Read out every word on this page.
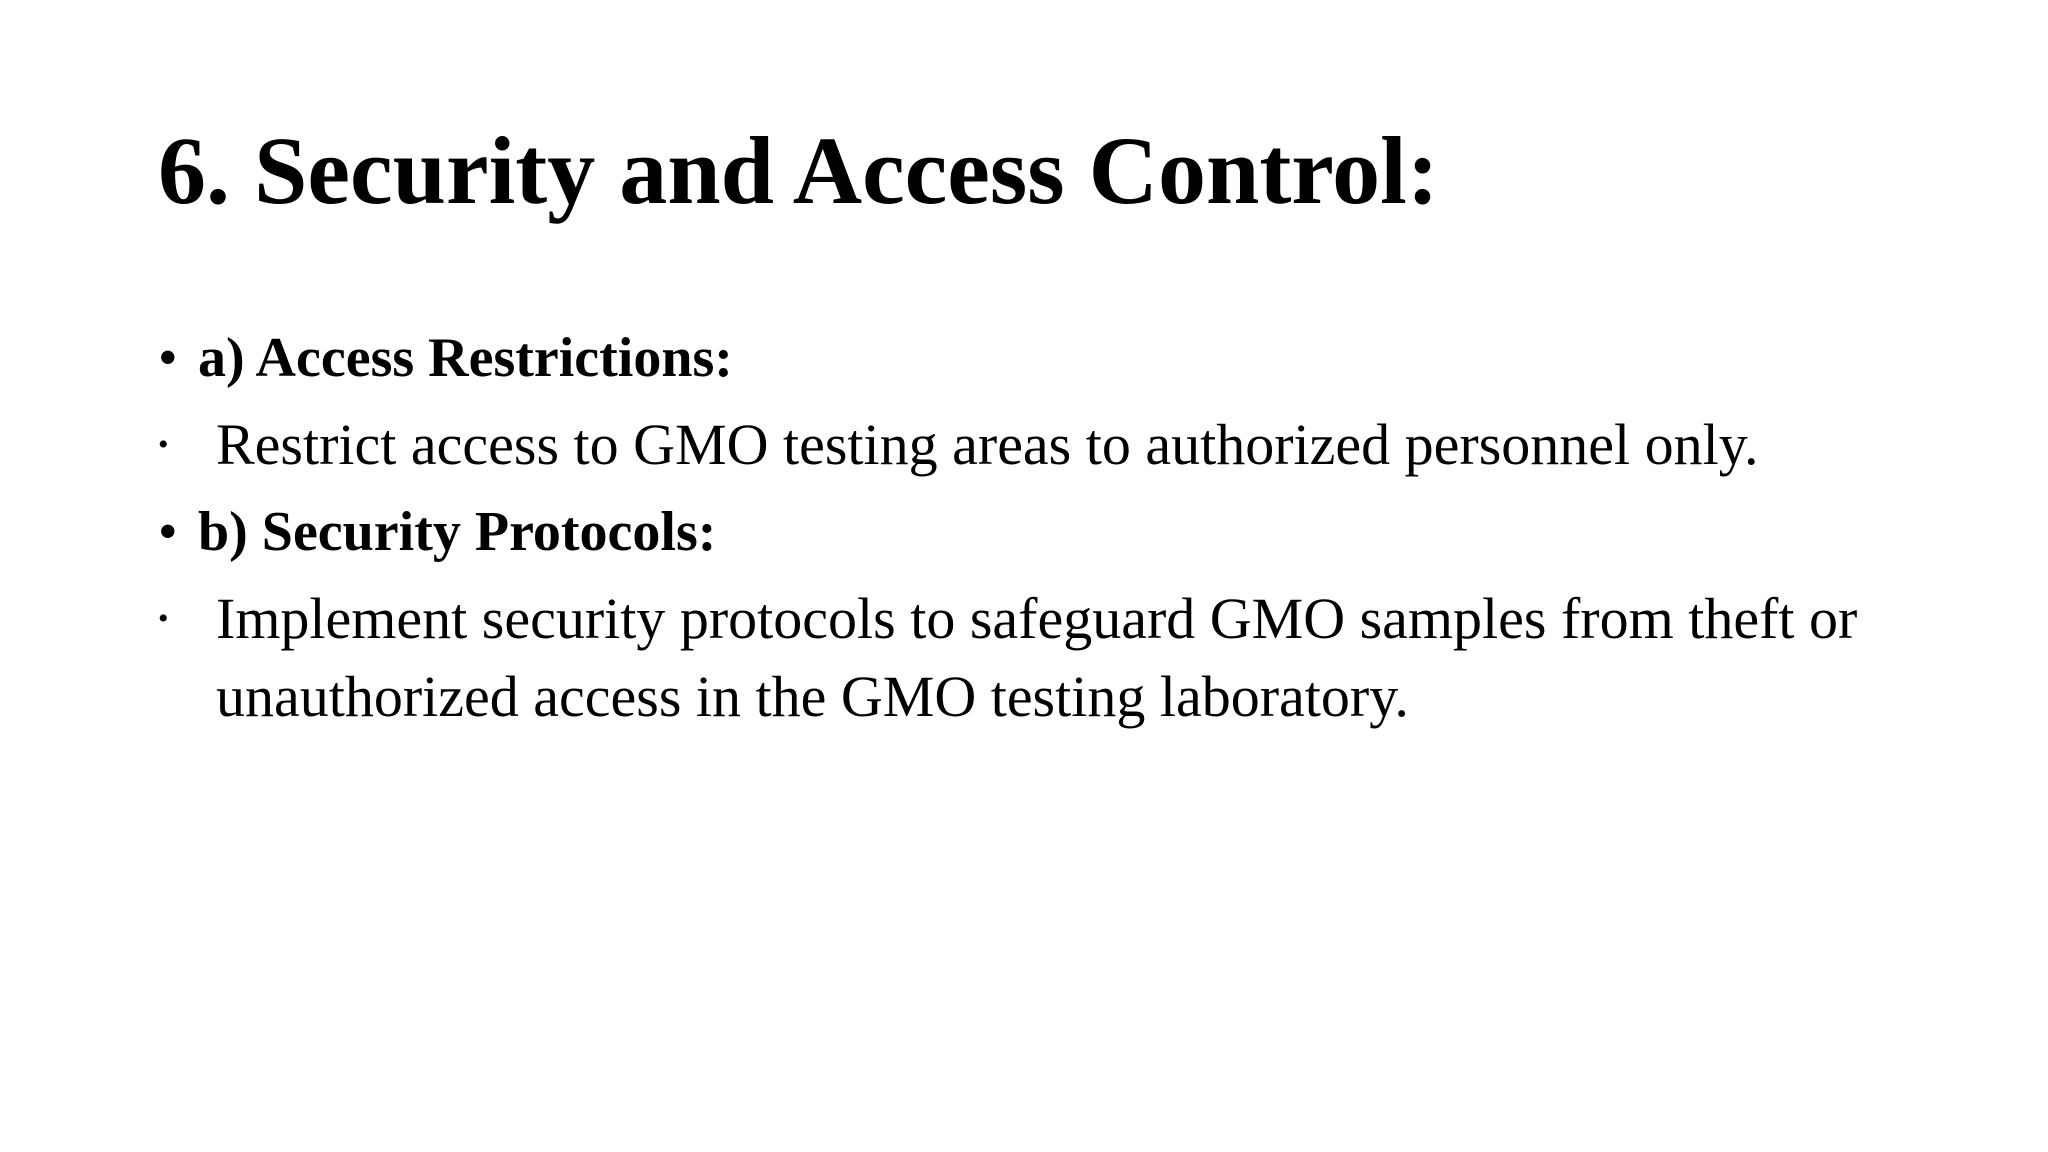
6. Security and Access Control:
• a) Access Restrictions:
• Restrict access to GMO testing areas to authorized personnel only.
• b) Security Protocols:
• Implement security protocols to safeguard GMO samples from theft or unauthorized access in the GMO testing laboratory.
